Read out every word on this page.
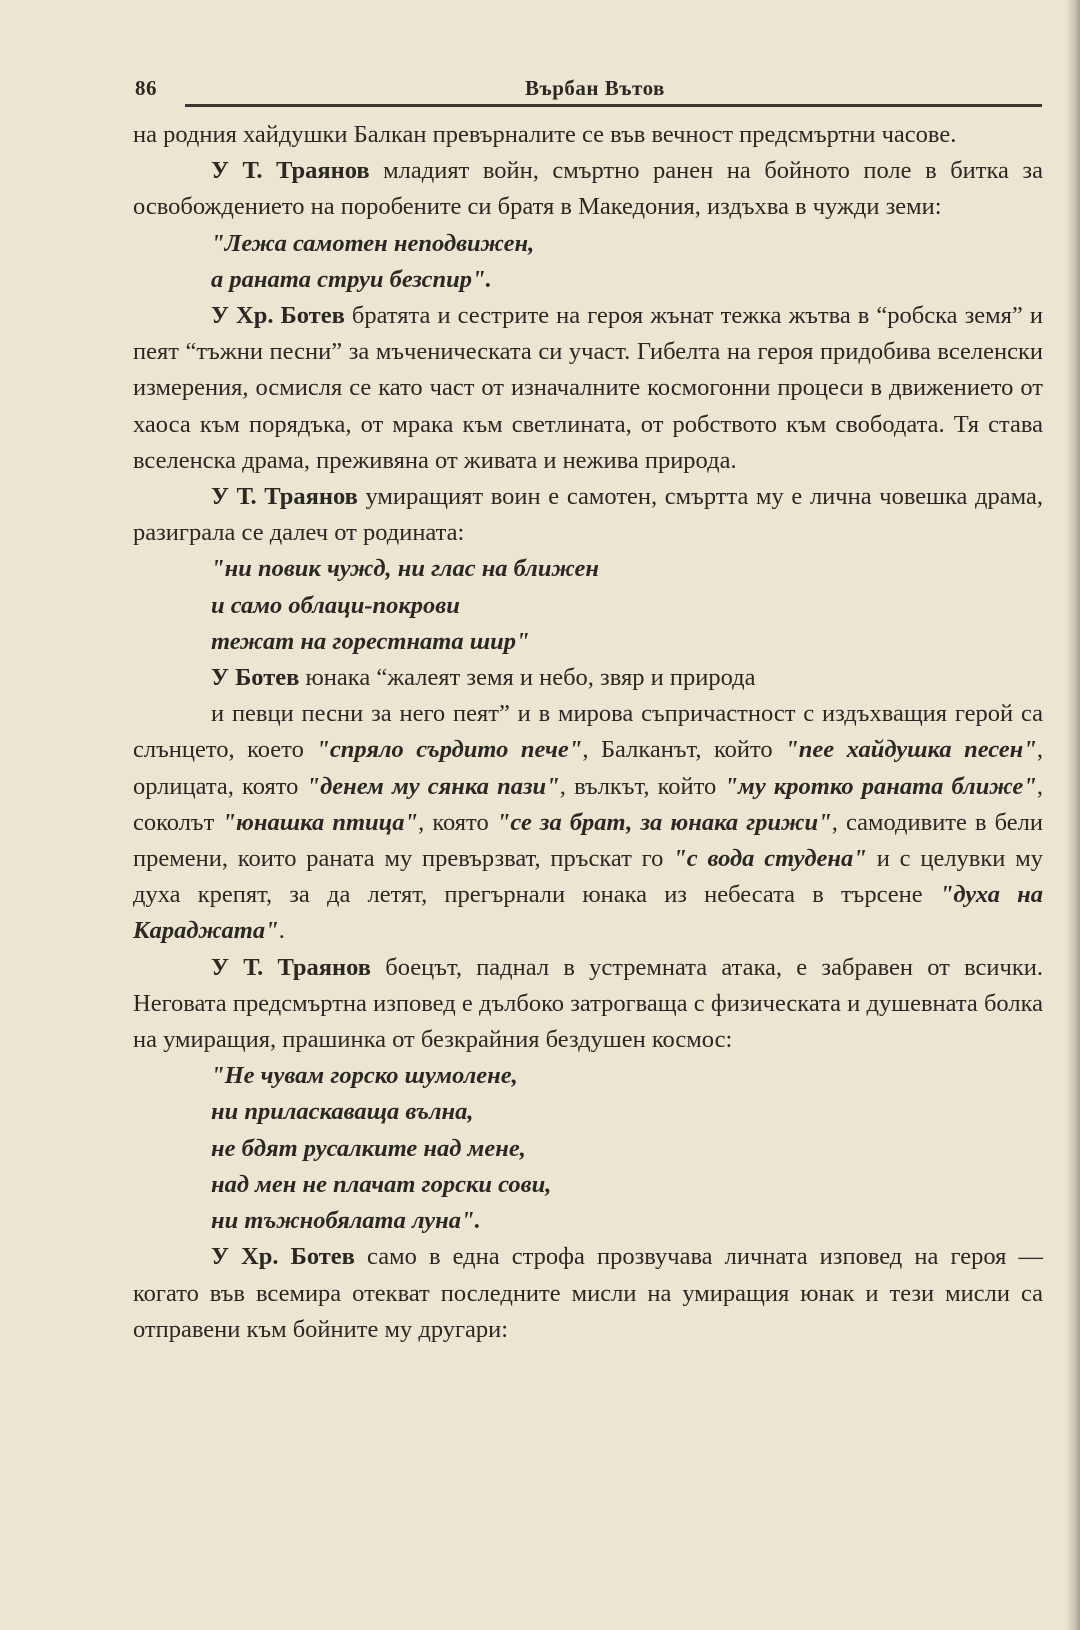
86	Върбан Вътов

на родния хайдушки Балкан превърналите се във вечност предсмъртни часове.

У Т. Траянов младият войн, смъртно ранен на бойното поле в битка за освобождението на поробените си братя в Македония, издъхва в чужди земи:

"Лежа самотен неподвижен,

а раната струи безспир".

У Хр. Ботев братята и сестрите на героя жънат тежка жътва в “робска земя” и пеят “тъжни песни” за мъченическата си участ. Гибелта на героя придобива вселенски измерения, осмисля се като част от изначалните космогонни процеси в движението от хаоса към порядъка, от мрака към светлината, от робството към свободата. Тя става вселенска драма, преживяна от живата и нежива природа.

У Т. Траянов умиращият воин е самотен, смъртта му е лична човешка драма, разиграла се далеч от родината:

"ни повик чужд, ни глас на ближен

и само облаци-покрови

тежат на горестната шир"

У Ботев юнака “жалеят земя и небо, звяр и природа

и певци песни за него пеят” и в мирова съпричастност с издъхващия герой са слънцето, което "спряло сърдито пече", Балканът, който "пее хайдушка песен", орлицата, която "денем му сянка пази", вълкът, който "му кротко раната ближе", соколът "юнашка птица", която "се за брат, за юнака грижи", самодивите в бели премени, които раната му превързват, пръскат го "с вода студена" и с целувки му духа крепят, за да летят, прегърнали юнака из небесата в търсене "духа на Караджата".

У Т. Траянов боецът, паднал в устремната атака, е забравен от всички. Неговата предсмъртна изповед е дълбоко затрогваща с физическата и душевната болка на умиращия, прашинка от безкрайния бездушен космос:

"Не чувам горско шумолене,

ни приласкаваща вълна,

не бдят русалките над мене,

над мен не плачат горски сови,

ни тъжнобялата луна".

У Хр. Ботев само в една строфа прозвучава личната изповед на героя — когато във всемира отекват последните мисли на умиращия юнак и тези мисли са отправени към бойните му другари:
